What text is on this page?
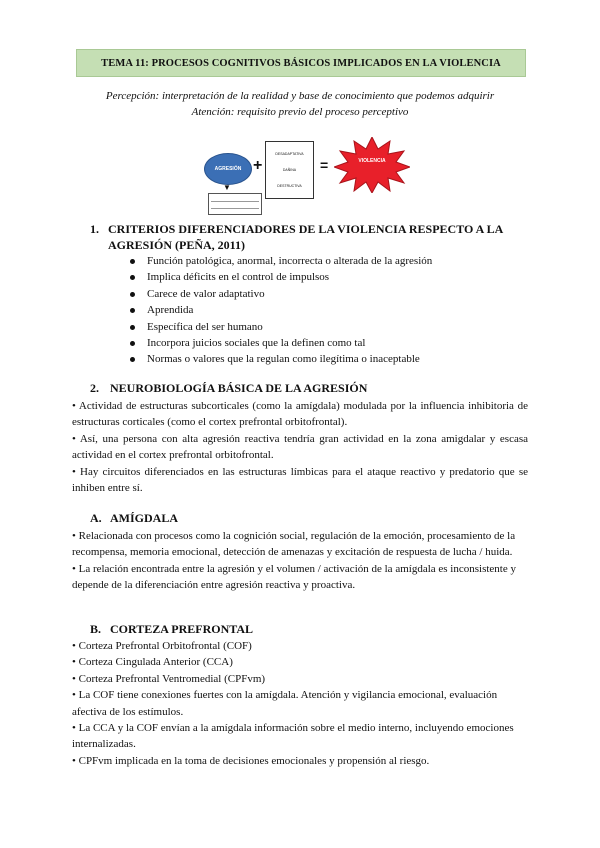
TEMA 11: PROCESOS COGNITIVOS BÁSICOS IMPLICADOS EN LA VIOLENCIA
Percepción: interpretación de la realidad y base de conocimiento que podemos adquirir
Atención: requisito previo del proceso perceptivo
AGRESIÓN +
DESADAPTATIVA
DAÑINA
DESTRUCTIVA
=	VIOLENCIA
▼
1. CRITERIOS DIFERENCIADORES DE LA VIOLENCIA RESPECTO A LA
AGRESIÓN (PEÑA, 2011)
Función patológica, anormal, incorrecta o alterada de la agresión
Implica déficits en el control de impulsos
Carece de valor adaptativo
Aprendida
Específica del ser humano
Incorpora juicios sociales que la definen como tal
Normas o valores que la regulan como ilegítima o inaceptable
2. NEUROBIOLOGÍA BÁSICA DE LA AGRESIÓN

• Actividad de estructuras subcorticales (como la amígdala) modulada por la influencia inhibitoria de estructuras corticales (como el cortex prefrontal orbitofrontal).

• Así, una persona con alta agresión reactiva tendría gran actividad en la zona amigdalar y escasa actividad en el cortex prefrontal orbitofrontal.

• Hay circuitos diferenciados en las estructuras límbicas para el ataque reactivo y predatorio que se inhiben entre sí.

A. AMÍGDALA

• Relacionada con procesos como la cognición social, regulación de la emoción, procesamiento de la recompensa, memoria emocional, detección de amenazas y excitación de respuesta de lucha / huida.

• La relación encontrada entre la agresión y el volumen / activación de la amígdala es inconsistente y depende de la diferenciación entre agresión reactiva y proactiva.

B. CORTEZA PREFRONTAL

• Corteza Prefrontal Orbitofrontal (COF)

• Corteza Cingulada Anterior (CCA)

• Corteza Prefrontal Ventromedial (CPFvm)

• La COF tiene conexiones fuertes con la amígdala. Atención y vigilancia emocional, evaluación afectiva de los estímulos.

• La CCA y la COF envían a la amígdala información sobre el medio interno, incluyendo emociones internalizadas.

• CPFvm implicada en la toma de decisiones emocionales y propensión al riesgo.
